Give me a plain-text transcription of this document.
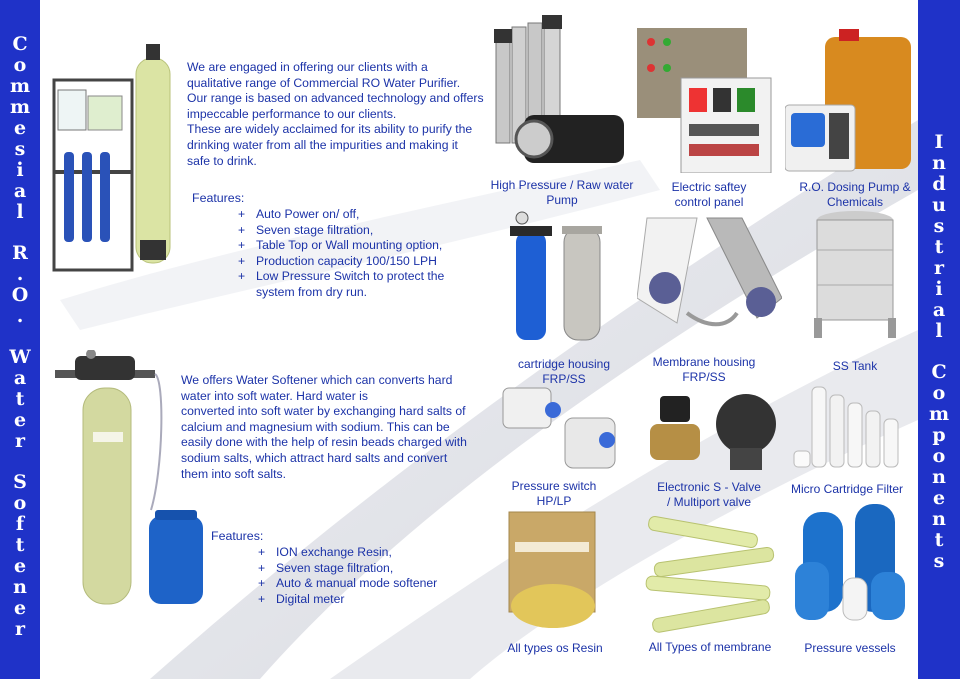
C
o
m
m
e
s
i
a
l

R
.
O
.

W
a
t
e
r

S
o
f
t
e
n
e
r
I
n
d
u
s
t
r
i
a
l

C
o
m
p
o
n
e
n
t
s
We are engaged in offering our clients with a
qualitative range of Commercial RO Water Purifier.
Our range is based on advanced technology and offers
impeccable performance to our clients.
These are widely acclaimed for its ability to purify the
drinking water from all the impurities and making it
safe to drink.
Features:
+ Auto Power on/ off,
+ Seven stage filtration,
+ Table Top or Wall mounting option,
+ Production capacity 100/150 LPH
+ Low Pressure Switch to protect the system from dry run.
We offers Water Softener which can converts hard
water into soft water. Hard water is
converted into soft water by exchanging hard salts of
calcium and magnesium with sodium. This can be
easily done with the help of resin beads charged with
sodium salts, which attract hard salts and convert
them into soft salts.
Features:
+ ION exchange Resin,
+ Seven stage filtration,
+ Auto & manual mode softener
+ Digital meter
High Pressure / Raw water
Pump
Electric saftey
control panel
R.O. Dosing Pump &
Chemicals
cartridge housing
FRP/SS
Membrane housing
FRP/SS
SS Tank
Pressure switch
HP/LP
Electronic S - Valve
/ Multiport valve
Micro Cartridge Filter
All types os Resin	All Types of membrane	Pressure vessels
